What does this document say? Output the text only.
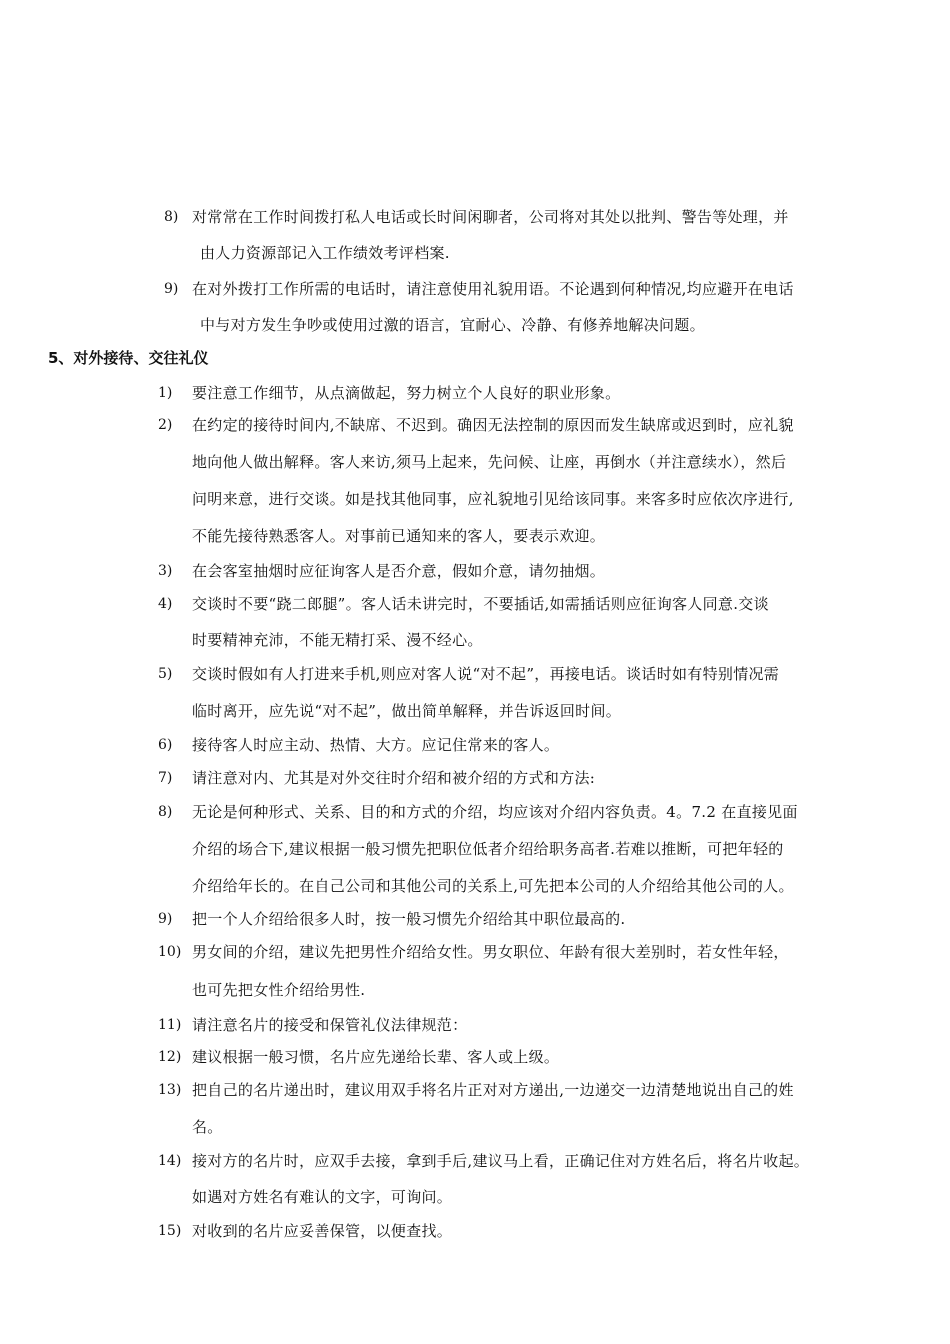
8) 对常常在工作时间拨打私人电话或长时间闲聊者，公司将对其处以批判、警告等处理，并
由人力资源部记入工作绩效考评档案.
9) 在对外拨打工作所需的电话时，请注意使用礼貌用语。不论遇到何种情况,均应避开在电话
中与对方发生争吵或使用过激的语言，宜耐心、冷静、有修养地解决问题。
5、对外接待、交往礼仪
1) 要注意工作细节，从点滴做起，努力树立个人良好的职业形象。
2) 在约定的接待时间内,不缺席、不迟到。确因无法控制的原因而发生缺席或迟到时，应礼貌
地向他人做出解释。客人来访,须马上起来，先问候、让座，再倒水（并注意续水），然后
问明来意，进行交谈。如是找其他同事，应礼貌地引见给该同事。来客多时应依次序进行,
不能先接待熟悉客人。对事前已通知来的客人，要表示欢迎。
3) 在会客室抽烟时应征询客人是否介意，假如介意，请勿抽烟。
4) 交谈时不要“跷二郎腿”。客人话未讲完时，不要插话,如需插话则应征询客人同意.交谈
时要精神充沛，不能无精打采、漫不经心。
5) 交谈时假如有人打进来手机,则应对客人说“对不起”，再接电话。谈话时如有特别情况需
临时离开，应先说“对不起”，做出简单解释，并告诉返回时间。
6) 接待客人时应主动、热情、大方。应记住常来的客人。
7) 请注意对内、尤其是对外交往时介绍和被介绍的方式和方法:
8) 无论是何种形式、关系、目的和方式的介绍，均应该对介绍内容负责。4。7.2 在直接见面
介绍的场合下,建议根据一般习惯先把职位低者介绍给职务高者.若难以推断，可把年轻的
介绍给年长的。在自己公司和其他公司的关系上,可先把本公司的人介绍给其他公司的人。
9) 把一个人介绍给很多人时，按一般习惯先介绍给其中职位最高的.
10) 男女间的介绍，建议先把男性介绍给女性。男女职位、年龄有很大差别时，若女性年轻，
也可先把女性介绍给男性.
11) 请注意名片的接受和保管礼仪法律规范：
12) 建议根据一般习惯，名片应先递给长辈、客人或上级。
13) 把自己的名片递出时，建议用双手将名片正对对方递出,一边递交一边清楚地说出自己的姓
名。
14) 接对方的名片时，应双手去接，拿到手后,建议马上看，正确记住对方姓名后，将名片收起。
如遇对方姓名有难认的文字，可询问。
15) 对收到的名片应妥善保管，以便查找。
